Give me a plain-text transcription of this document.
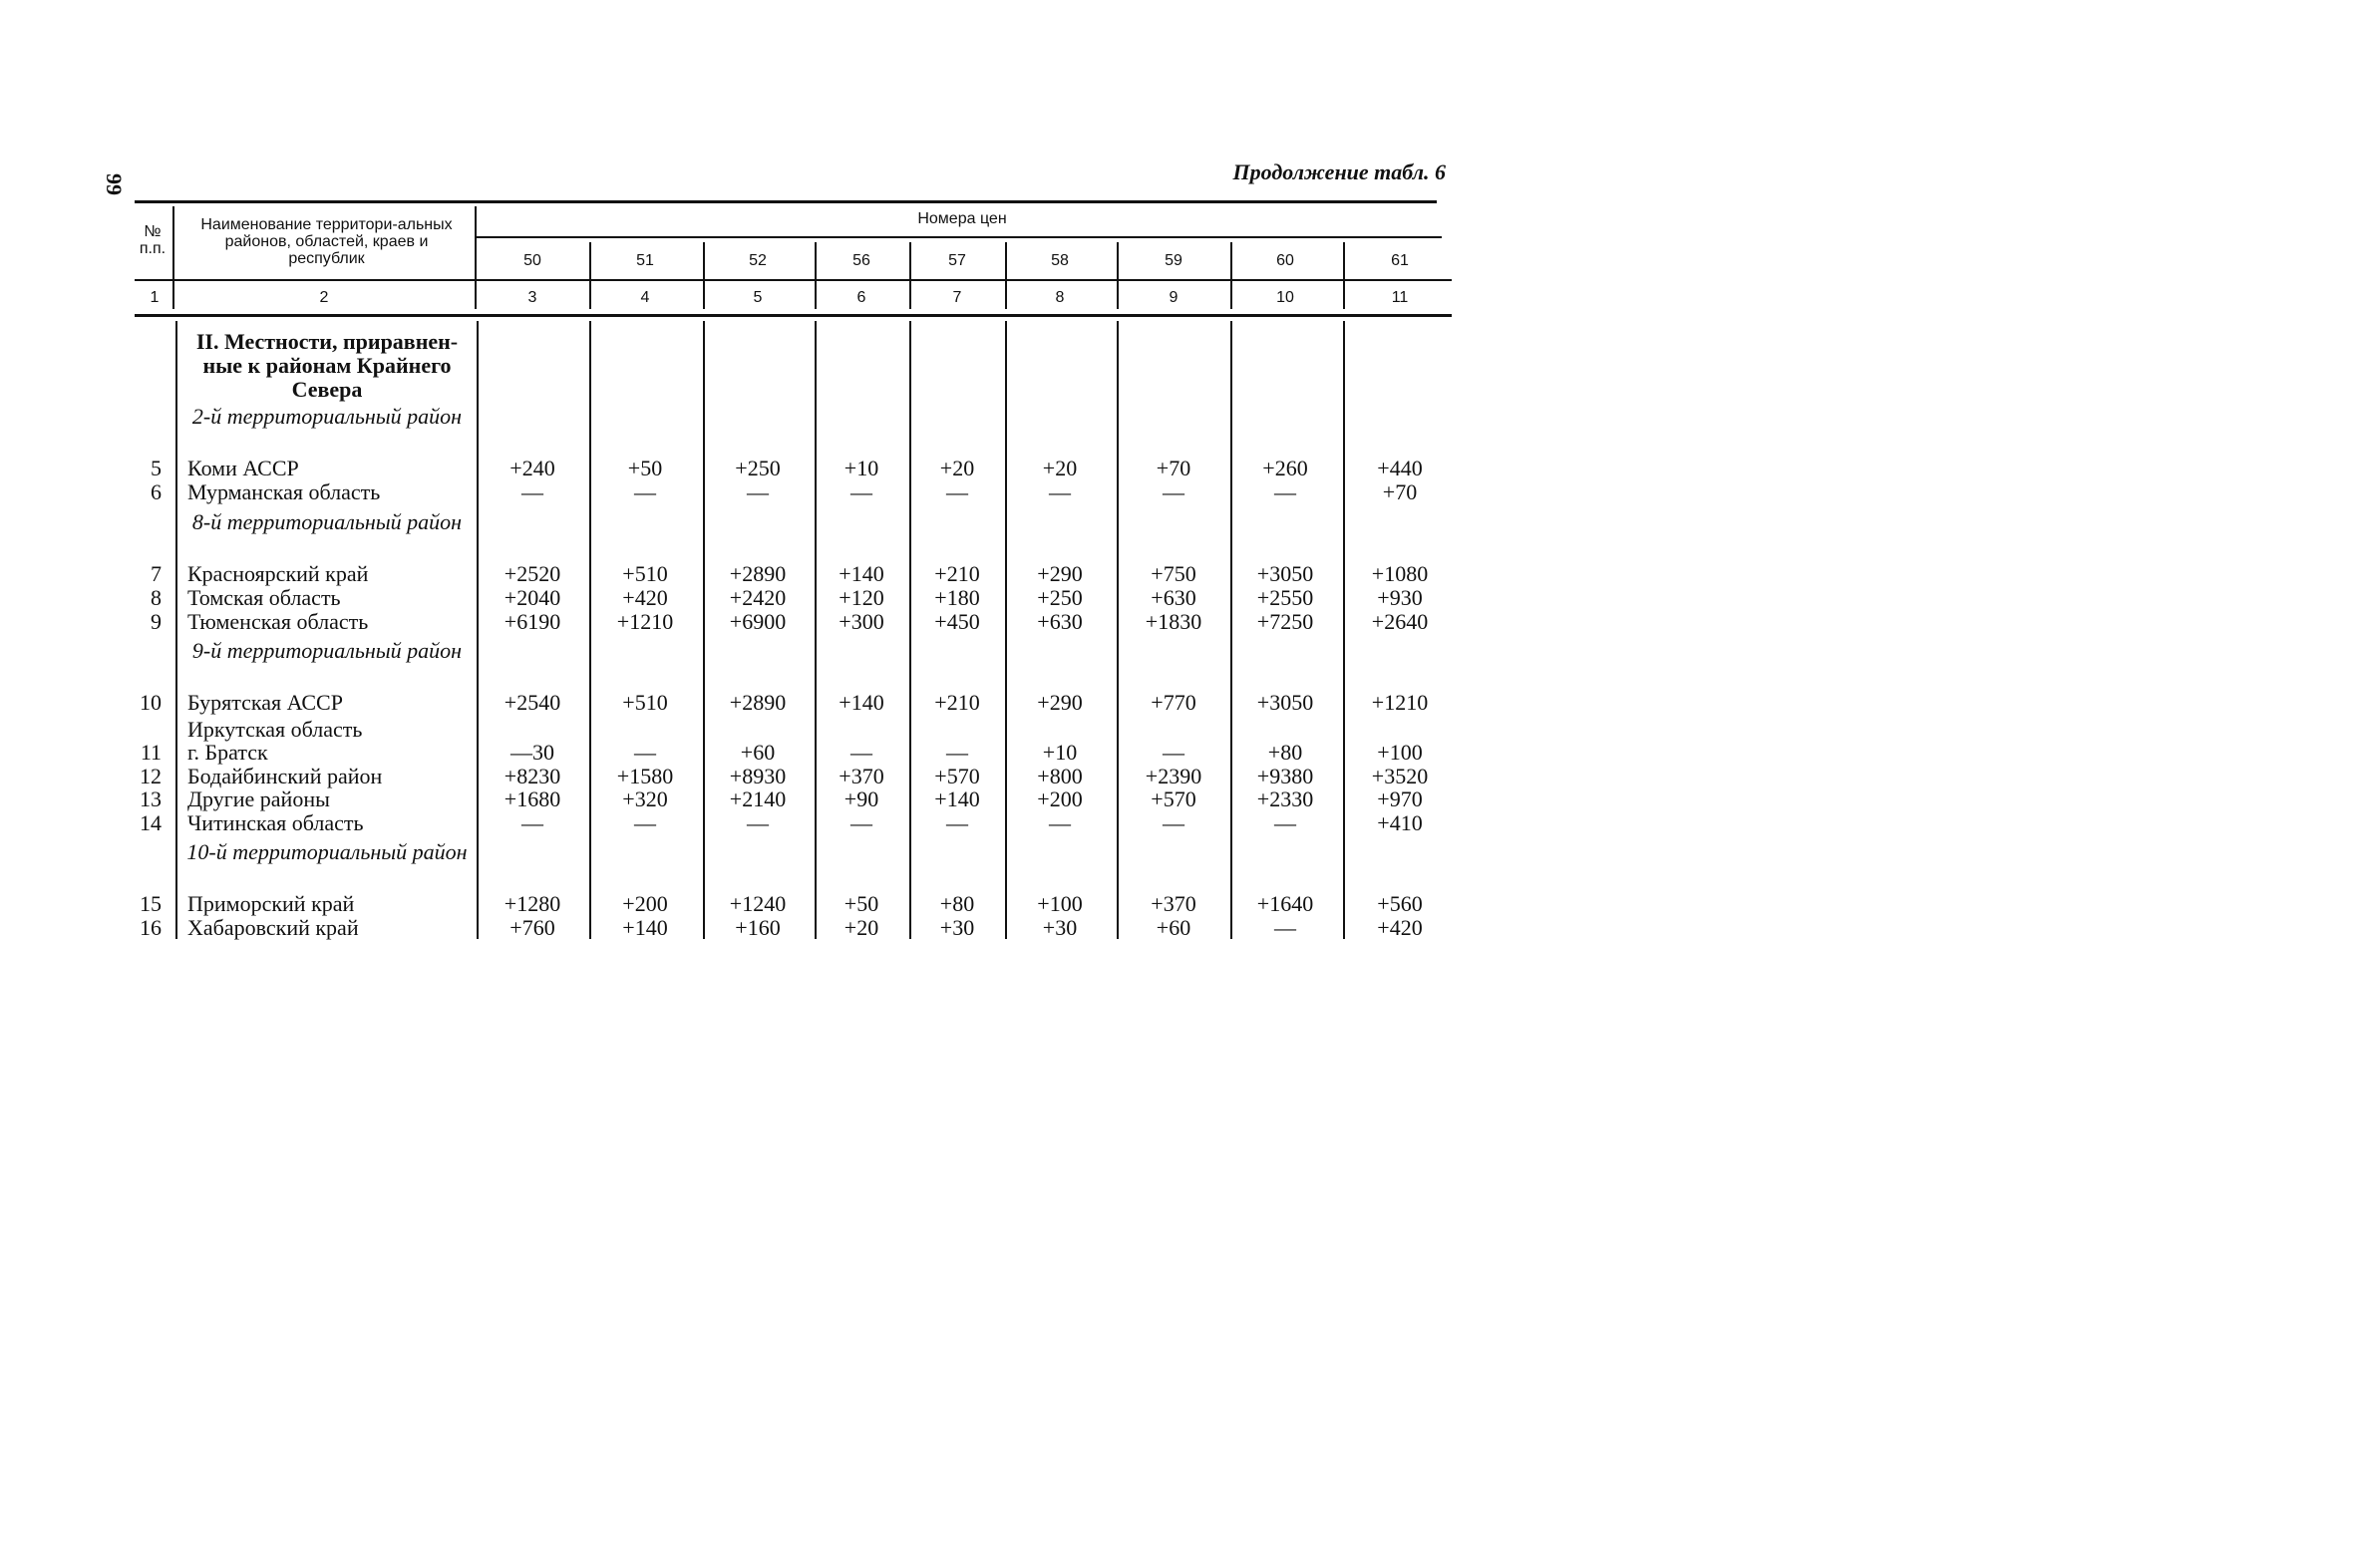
99	Продолжение табл. 6
№ п.п.
Наименование территори-альных районов, областей, краев и республик
Номера цен
50	51	52	56	57	58	59	60	61
1	2	3	4	5	6	7	8	9	10	11
II. Местности, приравнен-ные к районам Крайнего Севера
2-й территориальный район
8-й территориальный район
9-й территориальный район
10-й территориальный район
5 Коми АССР	+240	+50	+250	+10	+20	+20	+70	+260	+440
6 Мурманская область	—	—	—	—	—	—	—	—	+70
7 Красноярский край	+2520	+510	+2890	+140	+210	+290	+750	+3050	+1080
8 Томская область	+2040	+420	+2420	+120	+180	+250	+630	+2550	+930
9 Тюменская область	+6190	+1210	+6900	+300	+450	+630	+1830	+7250	+2640
10 Бурятская АССР	+2540	+510	+2890	+140	+210	+290	+770	+3050	+1210
Иркутская область
11 г. Братск	—30	—	+60	—	—	+10	—	+80	+100
12 Бодайбинский район	+8230	+1580	+8930	+370	+570	+800	+2390	+9380	+3520
13 Другие районы	+1680	+320	+2140	+90	+140	+200	+570	+2330	+970
14 Читинская область	—	—	—	—	—	—	—	—	+410
15 Приморский край	+1280	+200	+1240	+50	+80	+100	+370	+1640	+560
16 Хабаровский край	+760	+140	+160	+20	+30	+30	+60	—	+420
